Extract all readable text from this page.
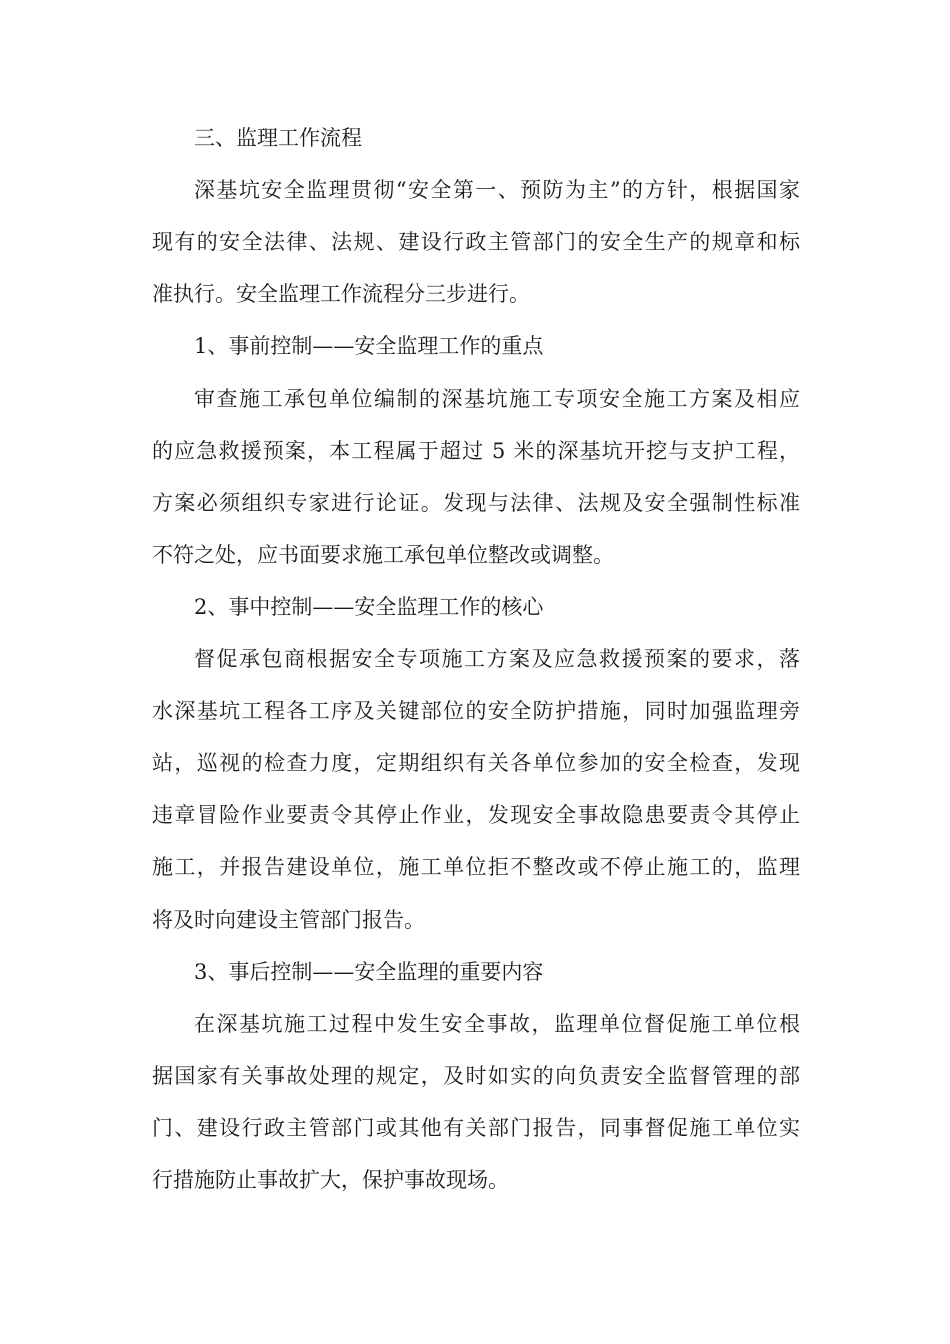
三、监理工作流程
深基坑安全监理贯彻“安全第一、预防为主”的方针，根据国家
现有的安全法律、法规、建设行政主管部门的安全生产的规章和标
准执行。安全监理工作流程分三步进行。
1、事前控制——安全监理工作的重点
审查施工承包单位编制的深基坑施工专项安全施工方案及相应
的应急救援预案，本工程属于超过 5 米的深基坑开挖与支护工程，
方案必须组织专家进行论证。发现与法律、法规及安全强制性标准
不符之处，应书面要求施工承包单位整改或调整。
2、事中控制——安全监理工作的核心
督促承包商根据安全专项施工方案及应急救援预案的要求，落
水深基坑工程各工序及关键部位的安全防护措施，同时加强监理旁
站，巡视的检查力度，定期组织有关各单位参加的安全检查，发现
违章冒险作业要责令其停止作业，发现安全事故隐患要责令其停止
施工，并报告建设单位，施工单位拒不整改或不停止施工的，监理
将及时向建设主管部门报告。
3、事后控制——安全监理的重要内容
在深基坑施工过程中发生安全事故，监理单位督促施工单位根
据国家有关事故处理的规定，及时如实的向负责安全监督管理的部
门、建设行政主管部门或其他有关部门报告，同事督促施工单位实
行措施防止事故扩大，保护事故现场。
